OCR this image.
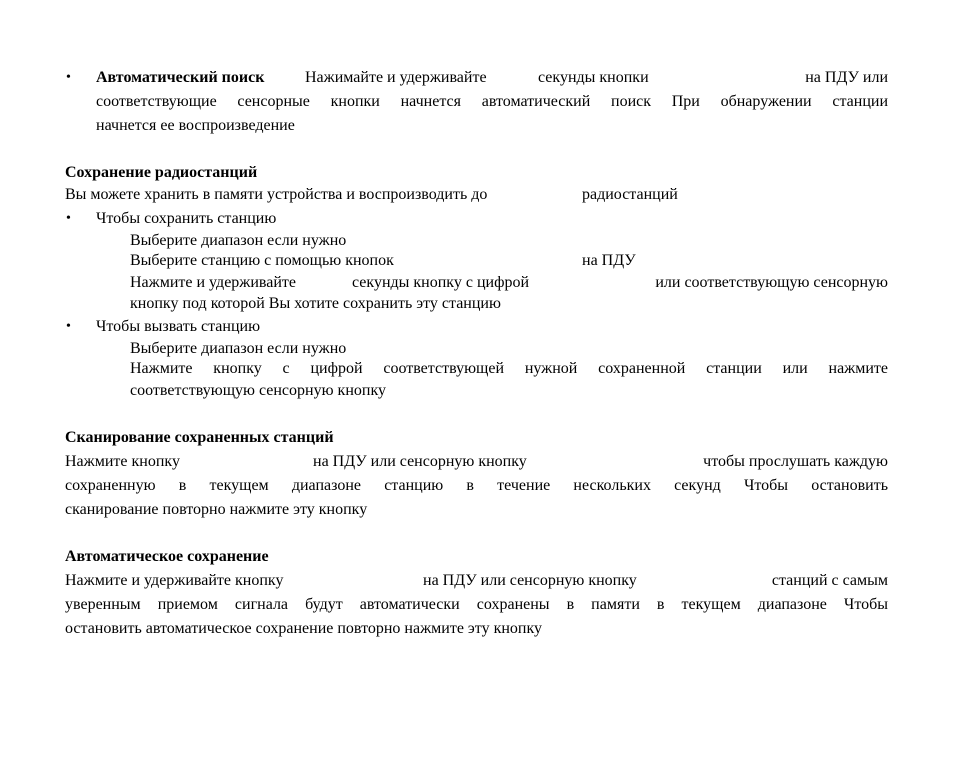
• Автоматический поиск	Нажимайте и удерживайте	секунды кнопки	на ПДУ или
соответствующие сенсорные кнопки начнется автоматический поиск При обнаружении станции
начнется ее воспроизведение
Сохранение радиостанций
Вы можете хранить в памяти устройства и воспроизводить до	радиостанций
• Чтобы сохранить станцию
Выберите диапазон если нужно
Выберите станцию с помощью кнопок	на ПДУ
Нажмите и удерживайте	секунды кнопку с цифрой	или соответствующую сенсорную
кнопку под которой Вы хотите сохранить эту станцию
• Чтобы вызвать станцию
Выберите диапазон если нужно
Нажмите кнопку с цифрой соответствующей нужной сохраненной станции или нажмите
соответствующую сенсорную кнопку
Сканирование сохраненных станций
Нажмите кнопку	на ПДУ или сенсорную кнопку	чтобы прослушать каждую
сохраненную в текущем диапазоне станцию в течение нескольких секунд Чтобы остановить
сканирование повторно нажмите эту кнопку
Автоматическое сохранение
Нажмите и удерживайте кнопку	на ПДУ или сенсорную кнопку	станций с самым
уверенным приемом сигнала будут автоматически сохранены в памяти в текущем диапазоне Чтобы
остановить автоматическое сохранение повторно нажмите эту кнопку
